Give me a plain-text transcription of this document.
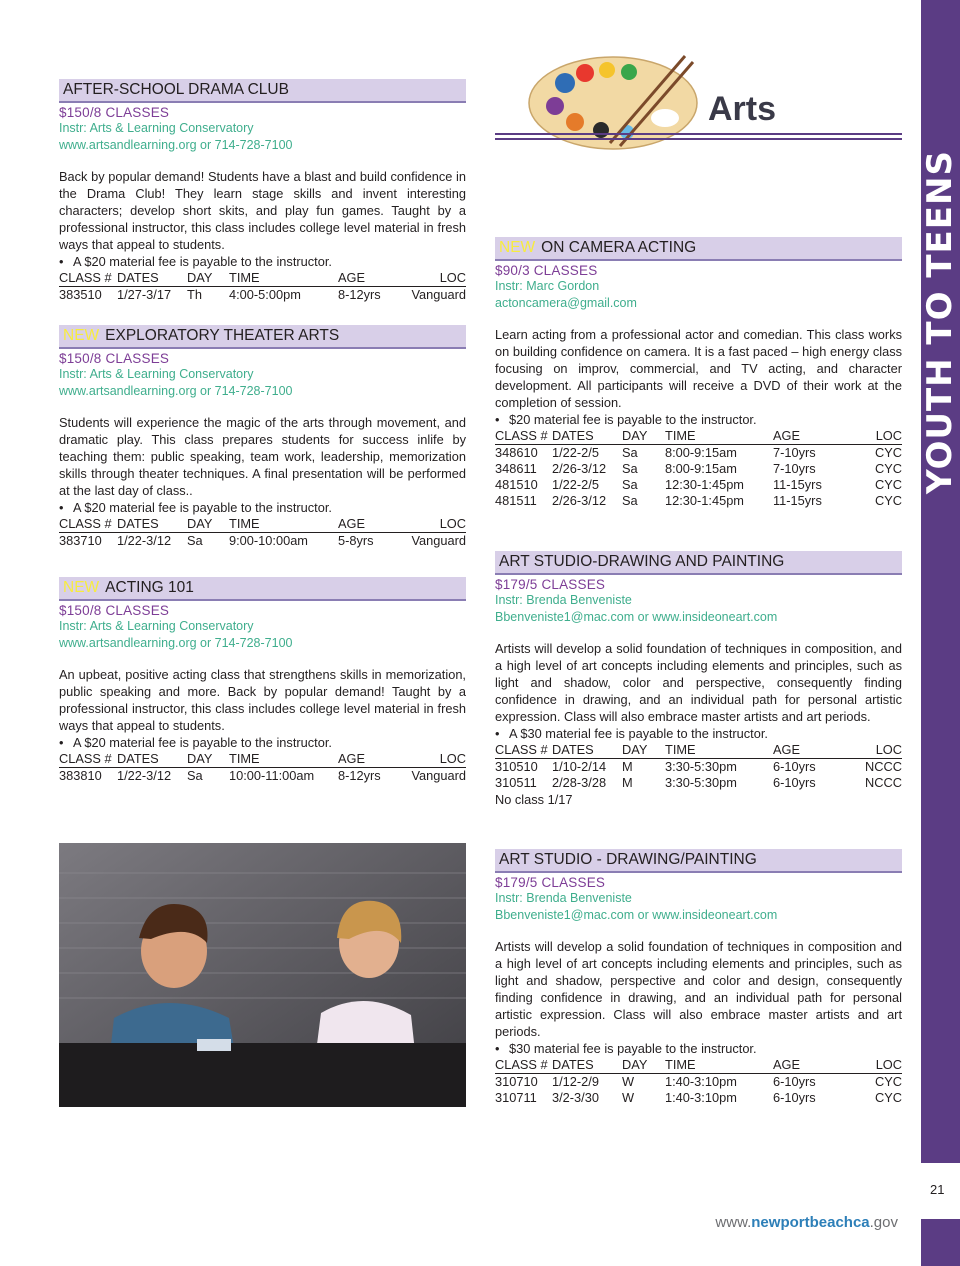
YOUTH TO TEENS
21
www.newportbeachca.gov
Arts
AFTER-SCHOOL DRAMA CLUB
$150/8 CLASSES
Instr: Arts & Learning Conservatory
www.artsandlearning.org or 714-728-7100
Back by popular demand! Students have a blast and build confidence in the Drama Club! They learn stage skills and invent interesting characters; develop short skits, and play fun games. Taught by a professional instructor, this class includes college level material in fresh ways that appeal to students.
• A $20 material fee is payable to the instructor.
CLASS #	DATES	DAY	TIME	AGE	LOC
383510	1/27-3/17	Th	4:00-5:00pm	8-12yrs	Vanguard
NEW EXPLORATORY THEATER ARTS
$150/8 CLASSES
Instr: Arts & Learning Conservatory
www.artsandlearning.org or 714-728-7100
Students will experience the magic of the arts through movement, and dramatic play. This class prepares students for success inlife by teaching them: public speaking, team work, leadership, memorization skills through theater techniques. A final presentation will be performed at the last day of class..
• A $20 material fee is payable to the instructor.
CLASS #	DATES	DAY	TIME	AGE	LOC
383710	1/22-3/12	Sa	9:00-10:00am	5-8yrs	Vanguard
NEW ACTING 101
$150/8 CLASSES
Instr: Arts & Learning Conservatory
www.artsandlearning.org or 714-728-7100
An upbeat, positive acting class that strengthens skills in memorization, public speaking and more. Back by popular demand! Taught by a professional instructor, this class includes college level material in fresh ways that appeal to students.
• A $20 material fee is payable to the instructor.
CLASS #	DATES	DAY	TIME	AGE	LOC
383810	1/22-3/12	Sa	10:00-11:00am	8-12yrs	Vanguard
NEW ON CAMERA ACTING
$90/3 CLASSES
Instr: Marc Gordon
actoncamera@gmail.com
Learn acting from a professional actor and comedian. This class works on building confidence on camera. It is a fast paced – high energy class focusing on improv, commercial, and TV acting, and character development. All participants will receive a DVD of their work at the completion of session.
• $20 material fee is payable to the instructor.
CLASS #	DATES	DAY	TIME	AGE	LOC
348610	1/22-2/5	Sa	8:00-9:15am	7-10yrs	CYC
348611	2/26-3/12	Sa	8:00-9:15am	7-10yrs	CYC
481510	1/22-2/5	Sa	12:30-1:45pm	11-15yrs	CYC
481511	2/26-3/12	Sa	12:30-1:45pm	11-15yrs	CYC
ART STUDIO-DRAWING AND PAINTING
$179/5 CLASSES
Instr: Brenda Benveniste
Bbenveniste1@mac.com or www.insideoneart.com
Artists will develop a solid foundation of techniques in composition, and a high level of art concepts including elements and principles, such as light and shadow, color and perspective, consequently finding confidence in drawing, and an individual path for personal artistic expression. Class will also embrace master artists and art periods.
• A $30 material fee is payable to the instructor.
CLASS #	DATES	DAY	TIME	AGE	LOC
310510	1/10-2/14	M	3:30-5:30pm	6-10yrs	NCCC
310511	2/28-3/28	M	3:30-5:30pm	6-10yrs	NCCC
No class 1/17
ART STUDIO - DRAWING/PAINTING
$179/5 CLASSES
Instr: Brenda Benveniste
Bbenveniste1@mac.com or www.insideoneart.com
Artists will develop a solid foundation of techniques in composition and a high level of art concepts including elements and principles, such as light and shadow, perspective and color and design, consequently finding confidence in drawing, and an individual path for personal artistic expression. Class will also embrace master artists and art periods.
• $30 material fee is payable to the instructor.
CLASS #	DATES	DAY	TIME	AGE	LOC
310710	1/12-2/9	W	1:40-3:10pm	6-10yrs	CYC
310711	3/2-3/30	W	1:40-3:10pm	6-10yrs	CYC
